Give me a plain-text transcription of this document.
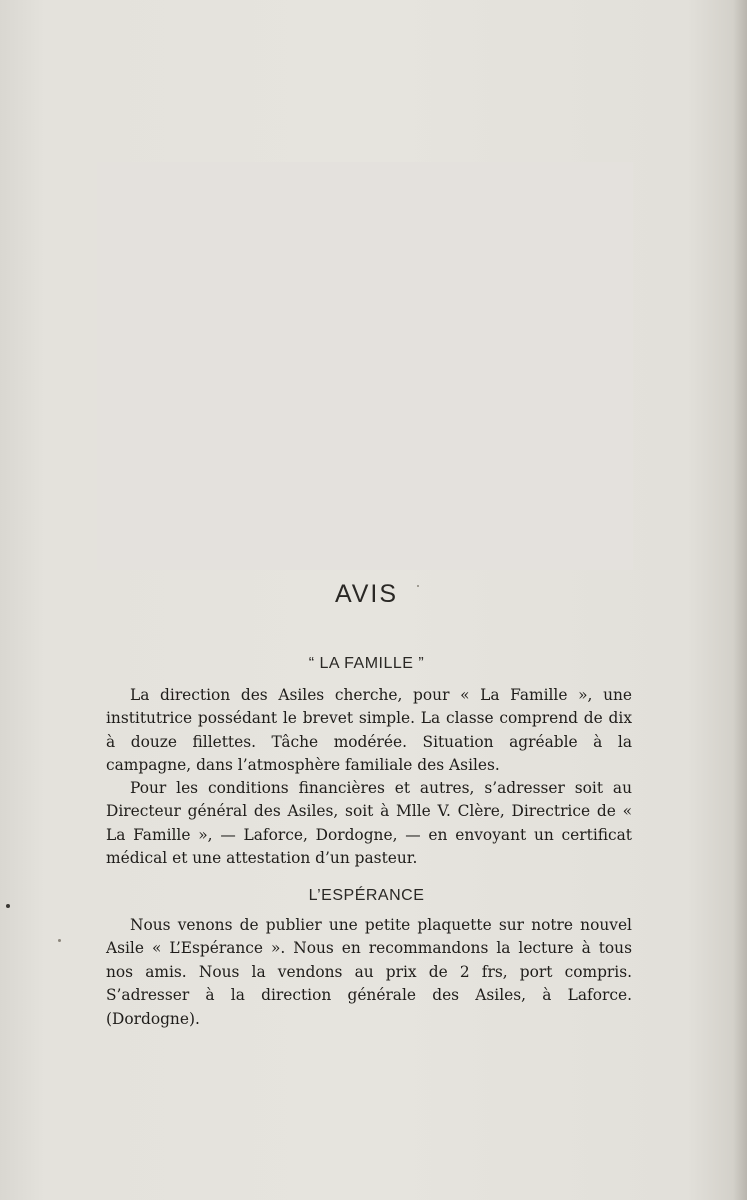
AVIS
“ LA FAMILLE ”

La direction des Asiles cherche, pour « La Famille », une institutrice possédant le brevet simple. La classe comprend de dix à douze fillettes. Tâche modérée. Situation agréable à la campagne, dans l’atmosphère familiale des Asiles.

Pour les conditions financières et autres, s’adresser soit au Directeur général des Asiles, soit à Mlle V. Clère, Directrice de « La Famille », — Laforce, Dordogne, — en envoyant un certificat médical et une attestation d’un pasteur.

L’ESPÉRANCE

Nous venons de publier une petite plaquette sur notre nouvel Asile « L’Espérance ». Nous en recommandons la lecture à tous nos amis. Nous la vendons au prix de 2 frs, port compris. S’adresser à la direction générale des Asiles, à Laforce. (Dordogne).
